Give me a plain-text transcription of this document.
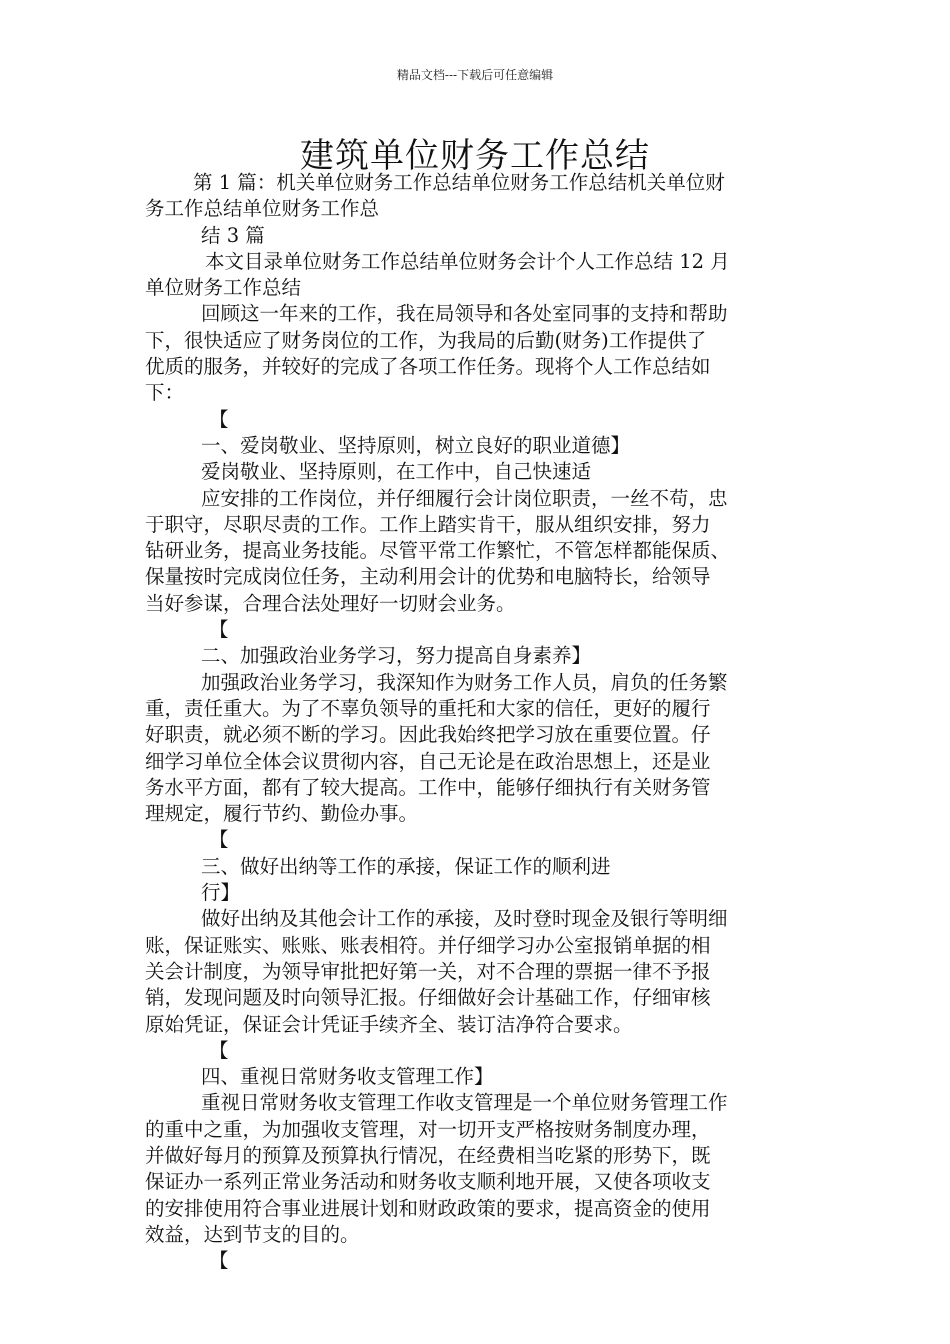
精品文档---下载后可任意编辑
建筑单位财务工作总结
第 1 篇：机关单位财务工作总结单位财务工作总结机关单位财
务工作总结单位财务工作总
结 3 篇
本文目录单位财务工作总结单位财务会计个人工作总结 12 月
单位财务工作总结
回顾这一年来的工作，我在局领导和各处室同事的支持和帮助
下，很快适应了财务岗位的工作，为我局的后勤(财务)工作提供了
优质的服务，并较好的完成了各项工作任务。现将个人工作总结如
下：
【
一、爱岗敬业、坚持原则，树立良好的职业道德】
爱岗敬业、坚持原则，在工作中，自己快速适
应安排的工作岗位，并仔细履行会计岗位职责，一丝不苟，忠
于职守，尽职尽责的工作。工作上踏实肯干，服从组织安排，努力
钻研业务，提高业务技能。尽管平常工作繁忙，不管怎样都能保质、
保量按时完成岗位任务，主动利用会计的优势和电脑特长，给领导
当好参谋，合理合法处理好一切财会业务。
【
二、加强政治业务学习，努力提高自身素养】
加强政治业务学习，我深知作为财务工作人员，肩负的任务繁
重，责任重大。为了不辜负领导的重托和大家的信任，更好的履行
好职责，就必须不断的学习。因此我始终把学习放在重要位置。仔
细学习单位全体会议贯彻内容，自己无论是在政治思想上，还是业
务水平方面，都有了较大提高。工作中，能够仔细执行有关财务管
理规定，履行节约、勤俭办事。
【
三、做好出纳等工作的承接，保证工作的顺利进
行】
做好出纳及其他会计工作的承接，及时登时现金及银行等明细
账，保证账实、账账、账表相符。并仔细学习办公室报销单据的相
关会计制度，为领导审批把好第一关，对不合理的票据一律不予报
销，发现问题及时向领导汇报。仔细做好会计基础工作，仔细审核
原始凭证，保证会计凭证手续齐全、装订洁净符合要求。
【
四、重视日常财务收支管理工作】
重视日常财务收支管理工作收支管理是一个单位财务管理工作
的重中之重，为加强收支管理，对一切开支严格按财务制度办理，
并做好每月的预算及预算执行情况，在经费相当吃紧的形势下，既
保证办一系列正常业务活动和财务收支顺利地开展，又使各项收支
的安排使用符合事业进展计划和财政政策的要求，提高资金的使用
效益，达到节支的目的。
【
